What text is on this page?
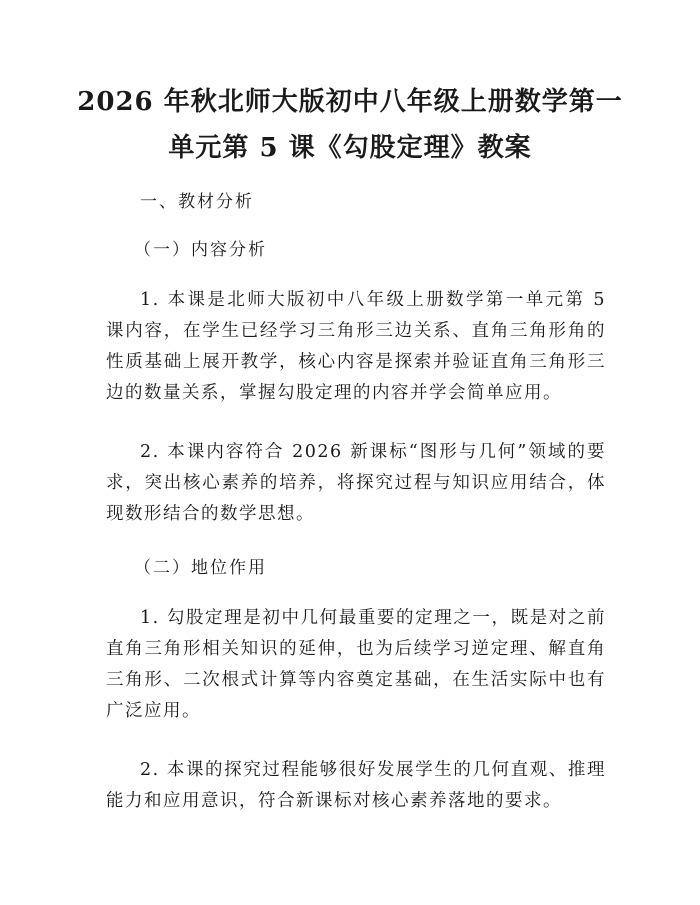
2026 年秋北师大版初中八年级上册数学第一
单元第 5 课《勾股定理》教案
一、教材分析
（一）内容分析

1. 本课是北师大版初中八年级上册数学第一单元第 5 课内容，在学生已经学习三角形三边关系、直角三角形角的性质基础上展开教学，核心内容是探索并验证直角三角形三边的数量关系，掌握勾股定理的内容并学会简单应用。

2. 本课内容符合 2026 新课标“图形与几何”领域的要求，突出核心素养的培养，将探究过程与知识应用结合，体现数形结合的数学思想。

（二）地位作用

1. 勾股定理是初中几何最重要的定理之一，既是对之前直角三角形相关知识的延伸，也为后续学习逆定理、解直角三角形、二次根式计算等内容奠定基础，在生活实际中也有广泛应用。

2. 本课的探究过程能够很好发展学生的几何直观、推理能力和应用意识，符合新课标对核心素养落地的要求。
